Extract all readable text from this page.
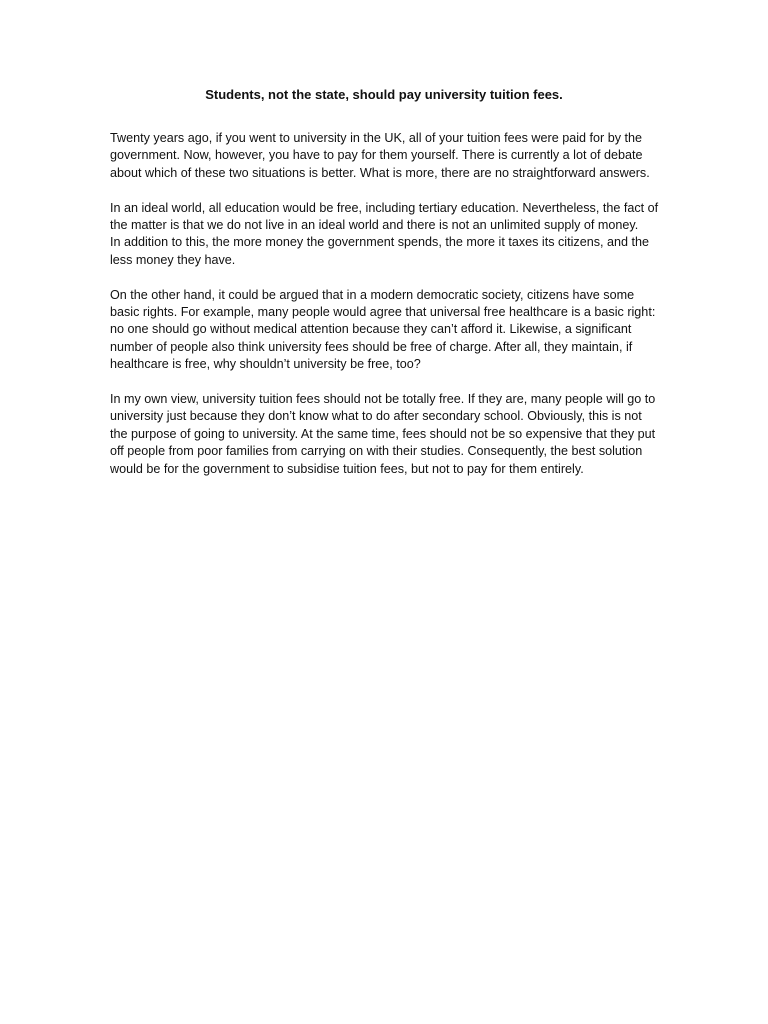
Students, not the state, should pay university tuition fees.

Twenty years ago, if you went to university in the UK, all of your tuition fees were paid for by the government. Now, however, you have to pay for them yourself. There is currently a lot of debate about which of these two situations is better. What is more, there are no straightforward answers.

In an ideal world, all education would be free, including tertiary education. Nevertheless, the fact of the matter is that we do not live in an ideal world and there is not an unlimited supply of money.

In addition to this, the more money the government spends, the more it taxes its citizens, and the less money they have.

On the other hand, it could be argued that in a modern democratic society, citizens have some basic rights. For example, many people would agree that universal free healthcare is a basic right: no one should go without medical attention because they can’t afford it. Likewise, a significant number of people also think university fees should be free of charge. After all, they maintain, if healthcare is free, why shouldn’t university be free, too?

In my own view, university tuition fees should not be totally free. If they are, many people will go to university just because they don’t know what to do after secondary school. Obviously, this is not the purpose of going to university. At the same time, fees should not be so expensive that they put off people from poor families from carrying on with their studies. Consequently, the best solution would be for the government to subsidise tuition fees, but not to pay for them entirely.
